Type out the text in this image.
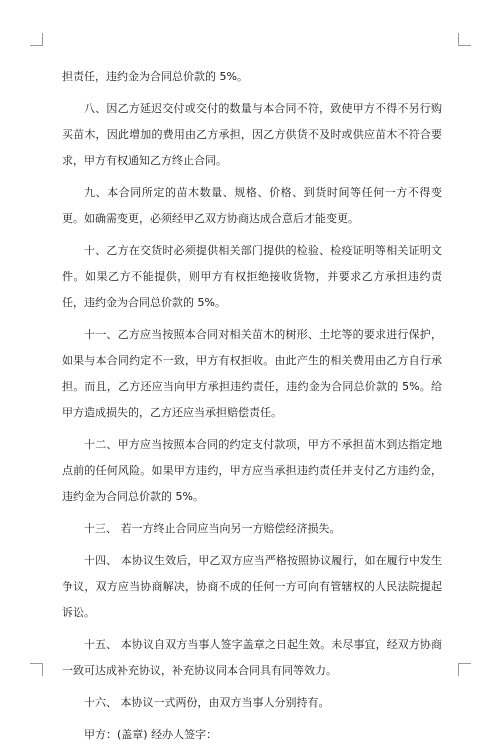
担责任，违约金为合同总价款的 5%。

八、因乙方延迟交付或交付的数量与本合同不符，致使甲方不得不另行购买苗木，因此增加的费用由乙方承担，因乙方供货不及时或供应苗木不符合要求，甲方有权通知乙方终止合同。

九、本合同所定的苗木数量、规格、价格、到货时间等任何一方不得变更。如确需变更，必须经甲乙双方协商达成合意后才能变更。

十、乙方在交货时必须提供相关部门提供的检验、检疫证明等相关证明文件。如果乙方不能提供，则甲方有权拒绝接收货物，并要求乙方承担违约责任，违约金为合同总价款的 5%。

十一、乙方应当按照本合同对相关苗木的树形、土坨等的要求进行保护，如果与本合同约定不一致，甲方有权拒收。由此产生的相关费用由乙方自行承担。而且，乙方还应当向甲方承担违约责任，违约金为合同总价款的 5%。给甲方造成损失的，乙方还应当承担赔偿责任。

十二、甲方应当按照本合同的约定支付款项，甲方不承担苗木到达指定地点前的任何风险。如果甲方违约，甲方应当承担违约责任并支付乙方违约金，违约金为合同总价款的 5%。

十三、 若一方终止合同应当向另一方赔偿经济损失。

十四、 本协议生效后，甲乙双方应当严格按照协议履行，如在履行中发生争议，双方应当协商解决，协商不成的任何一方可向有管辖权的人民法院提起诉讼。

十五、 本协议自双方当事人签字盖章之日起生效。未尽事宜，经双方协商一致可达成补充协议，补充协议同本合同具有同等效力。

十六、 本协议一式两份，由双方当事人分别持有。

甲方：(盖章) 经办人签字：
